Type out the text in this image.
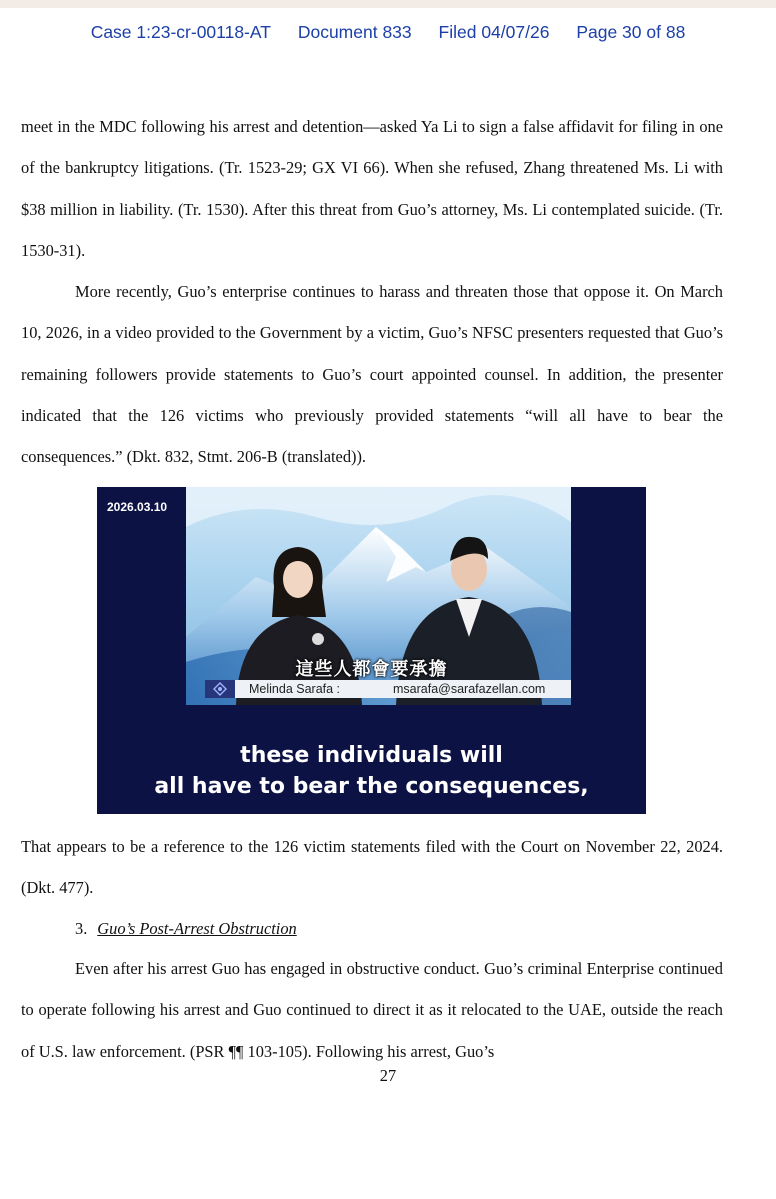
Case 1:23-cr-00118-AT Document 833 Filed 04/07/26 Page 30 of 88

meet in the MDC following his arrest and detention—asked Ya Li to sign a false affidavit for filing in one of the bankruptcy litigations. (Tr. 1523-29; GX VI 66). When she refused, Zhang threatened Ms. Li with $38 million in liability. (Tr. 1530). After this threat from Guo’s attorney, Ms. Li contemplated suicide. (Tr. 1530-31).

More recently, Guo’s enterprise continues to harass and threaten those that oppose it. On March 10, 2026, in a video provided to the Government by a victim, Guo’s NFSC presenters requested that Guo’s remaining followers provide statements to Guo’s court appointed counsel. In addition, the presenter indicated that the 126 victims who previously provided statements “will all have to bear the consequences.” (Dkt. 832, Stmt. 206-B (translated)).

2026.03.10
這些人都會要承擔
Melinda Sarafa :	msarafa@sarafazellan.com
these individuals will
all have to bear the consequences,

That appears to be a reference to the 126 victim statements filed with the Court on November 22, 2024. (Dkt. 477).

3. Guo’s Post-Arrest Obstruction

Even after his arrest Guo has engaged in obstructive conduct. Guo’s criminal Enterprise continued to operate following his arrest and Guo continued to direct it as it relocated to the UAE, outside the reach of U.S. law enforcement. (PSR ¶¶ 103-105). Following his arrest, Guo’s

27
